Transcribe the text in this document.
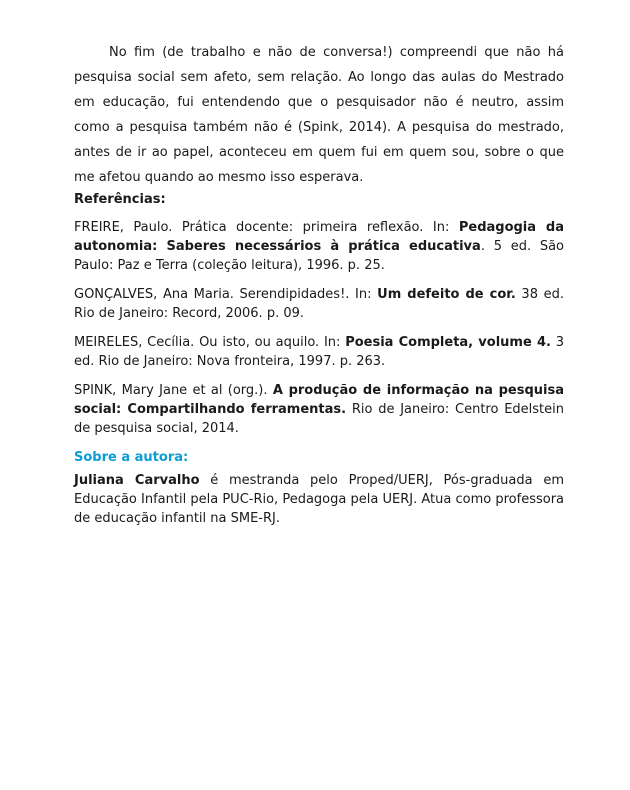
No fim (de trabalho e não de conversa!) compreendi que não há pesquisa social sem afeto, sem relação. Ao longo das aulas do Mestrado em educação, fui entendendo que o pesquisador não é neutro, assim como a pesquisa também não é (Spink, 2014). A pesquisa do mestrado, antes de ir ao papel, aconteceu em quem fui em quem sou, sobre o que me afetou quando ao mesmo isso esperava.

Referências:

FREIRE, Paulo. Prática docente: primeira reflexão. In: Pedagogia da autonomia: Saberes necessários à prática educativa. 5 ed. São Paulo: Paz e Terra (coleção leitura), 1996. p. 25.

GONÇALVES, Ana Maria. Serendipidades!. In: Um defeito de cor. 38 ed. Rio de Janeiro: Record, 2006. p. 09.

MEIRELES, Cecília. Ou isto, ou aquilo. In: Poesia Completa, volume 4. 3 ed. Rio de Janeiro: Nova fronteira, 1997. p. 263.

SPINK, Mary Jane et al (org.). A produção de informação na pesquisa social: Compartilhando ferramentas. Rio de Janeiro: Centro Edelstein de pesquisa social, 2014.

Sobre a autora:

Juliana Carvalho é mestranda pelo Proped/UERJ, Pós-graduada em Educação Infantil pela PUC-Rio, Pedagoga pela UERJ. Atua como professora de educação infantil na SME-RJ.
